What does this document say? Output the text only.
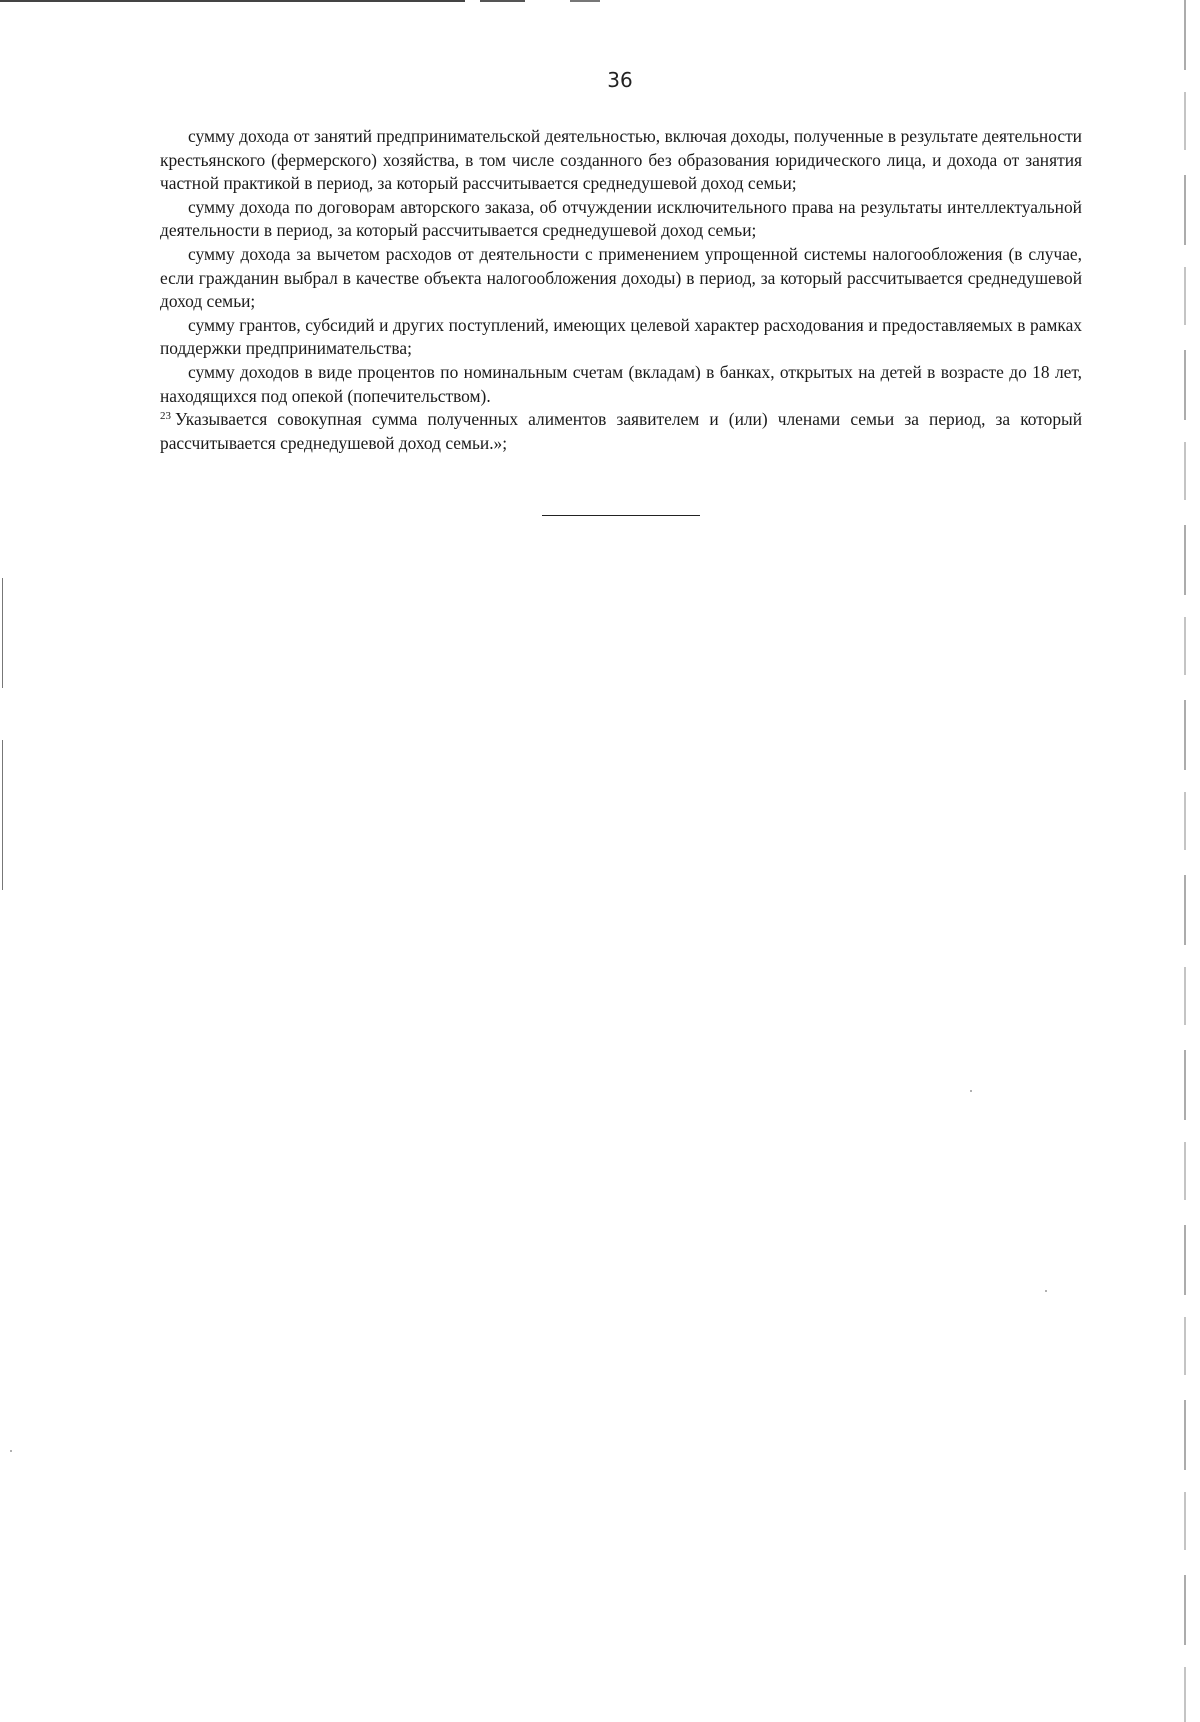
36

сумму дохода от занятий предпринимательской деятельностью, включая доходы, полученные в результате деятельности крестьянского (фермерского) хозяйства, в том числе созданного без образования юридического лица, и дохода от занятия частной практикой в период, за который рассчитывается среднедушевой доход семьи;

сумму дохода по договорам авторского заказа, об отчуждении исключительного права на результаты интеллектуальной деятельности в период, за который рассчитывается среднедушевой доход семьи;

сумму дохода за вычетом расходов от деятельности с применением упрощенной системы налогообложения (в случае, если гражданин выбрал в качестве объекта налогообложения доходы) в период, за который рассчитывается среднедушевой доход семьи;

сумму грантов, субсидий и других поступлений, имеющих целевой характер расходования и предоставляемых в рамках поддержки предпринимательства;

сумму доходов в виде процентов по номинальным счетам (вкладам) в банках, открытых на детей в возрасте до 18 лет, находящихся под опекой (попечительством).

$^{23}$ Указывается совокупная сумма полученных алиментов заявителем и (или) членами семьи за период, за который рассчитывается среднедушевой доход семьи.»;
